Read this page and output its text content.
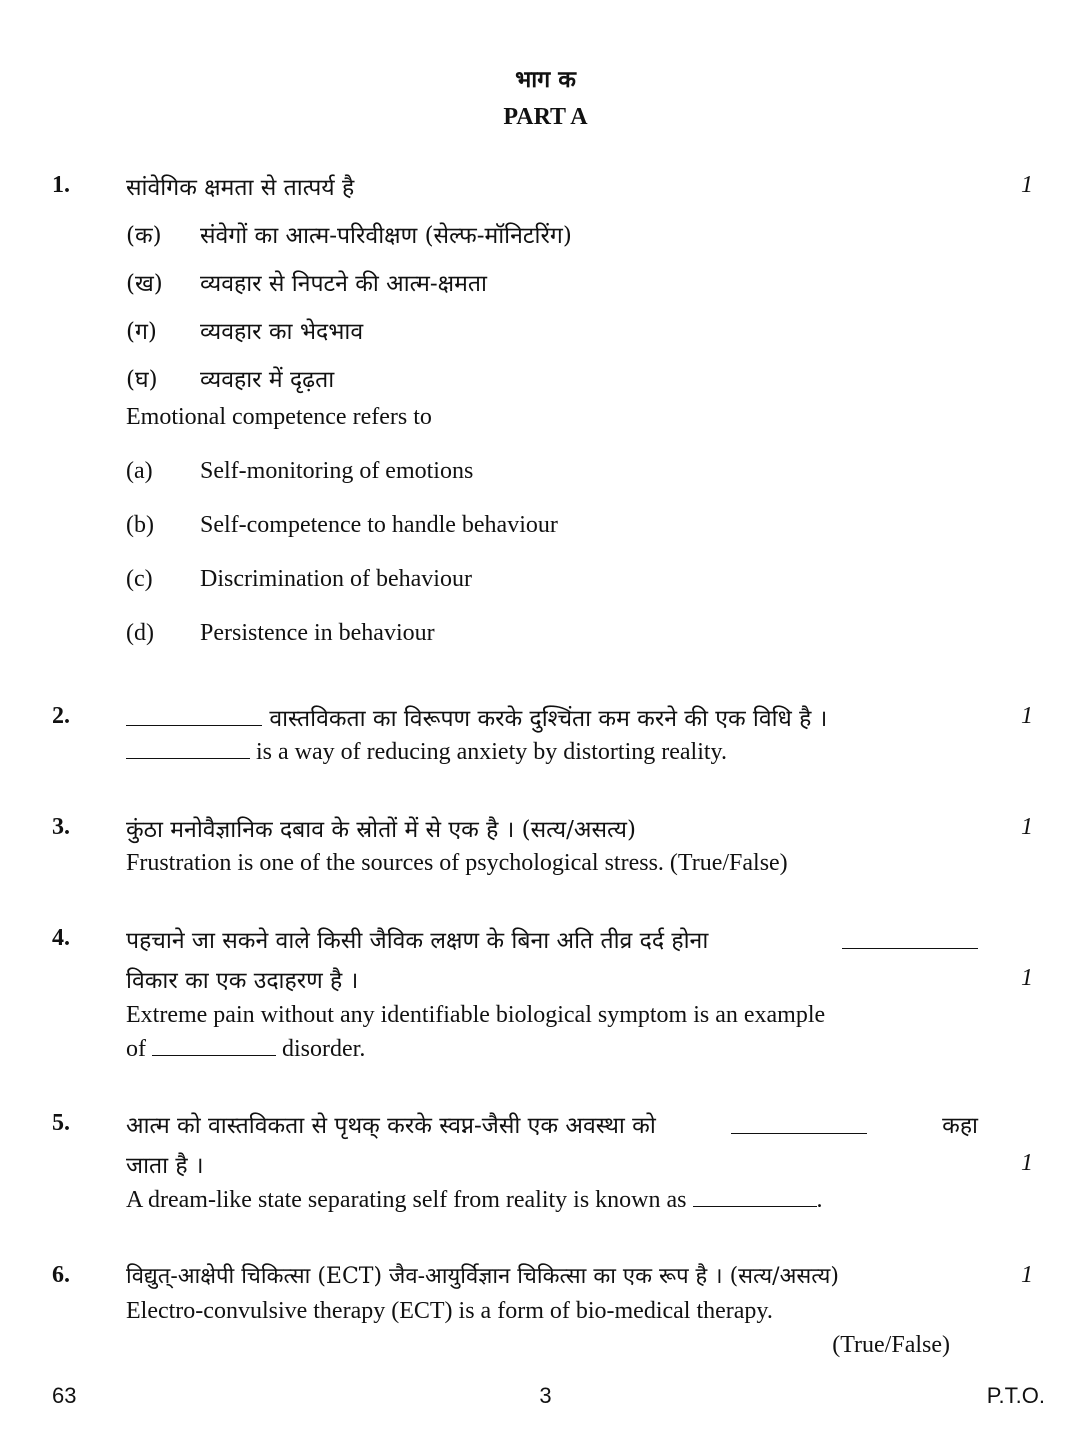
भाग क
PART A
1.	1
सांवेगिक क्षमता से तात्पर्य है
(क) संवेगों का आत्म-परिवीक्षण (सेल्फ-मॉनिटरिंग)
(ख) व्यवहार से निपटने की आत्म-क्षमता
(ग) व्यवहार का भेदभाव
(घ) व्यवहार में दृढ़ता
Emotional competence refers to
(a) Self-monitoring of emotions
(b) Self-competence to handle behaviour
(c) Discrimination of behaviour
(d) Persistence in behaviour
2.	1
वास्तविकता का विरूपण करके दुश्चिंता कम करने की एक विधि है ।
is a way of reducing anxiety by distorting reality.
3.	1
कुंठा मनोवैज्ञानिक दबाव के स्रोतों में से एक है । (सत्य/असत्य)
Frustration is one of the sources of psychological stress. (True/False)
4.
1
पहचाने जा सकने वाले किसी जैविक लक्षण के बिना अति तीव्र दर्द होना
विकार का एक उदाहरण है ।
Extreme pain without any identifiable biological symptom is an example
of	disorder.
5.
1
आत्म को वास्तविकता से पृथक् करके स्वप्न-जैसी एक अवस्था को	कहा
जाता है ।
A dream-like state separating self from reality is known as	.
6.	1
विद्युत्-आक्षेपी चिकित्सा (ECT) जैव-आयुर्विज्ञान चिकित्सा का एक रूप है । (सत्य/असत्य)
Electro-convulsive therapy (ECT) is a form of bio-medical therapy.
(True/False)
63	3	P.T.O.
